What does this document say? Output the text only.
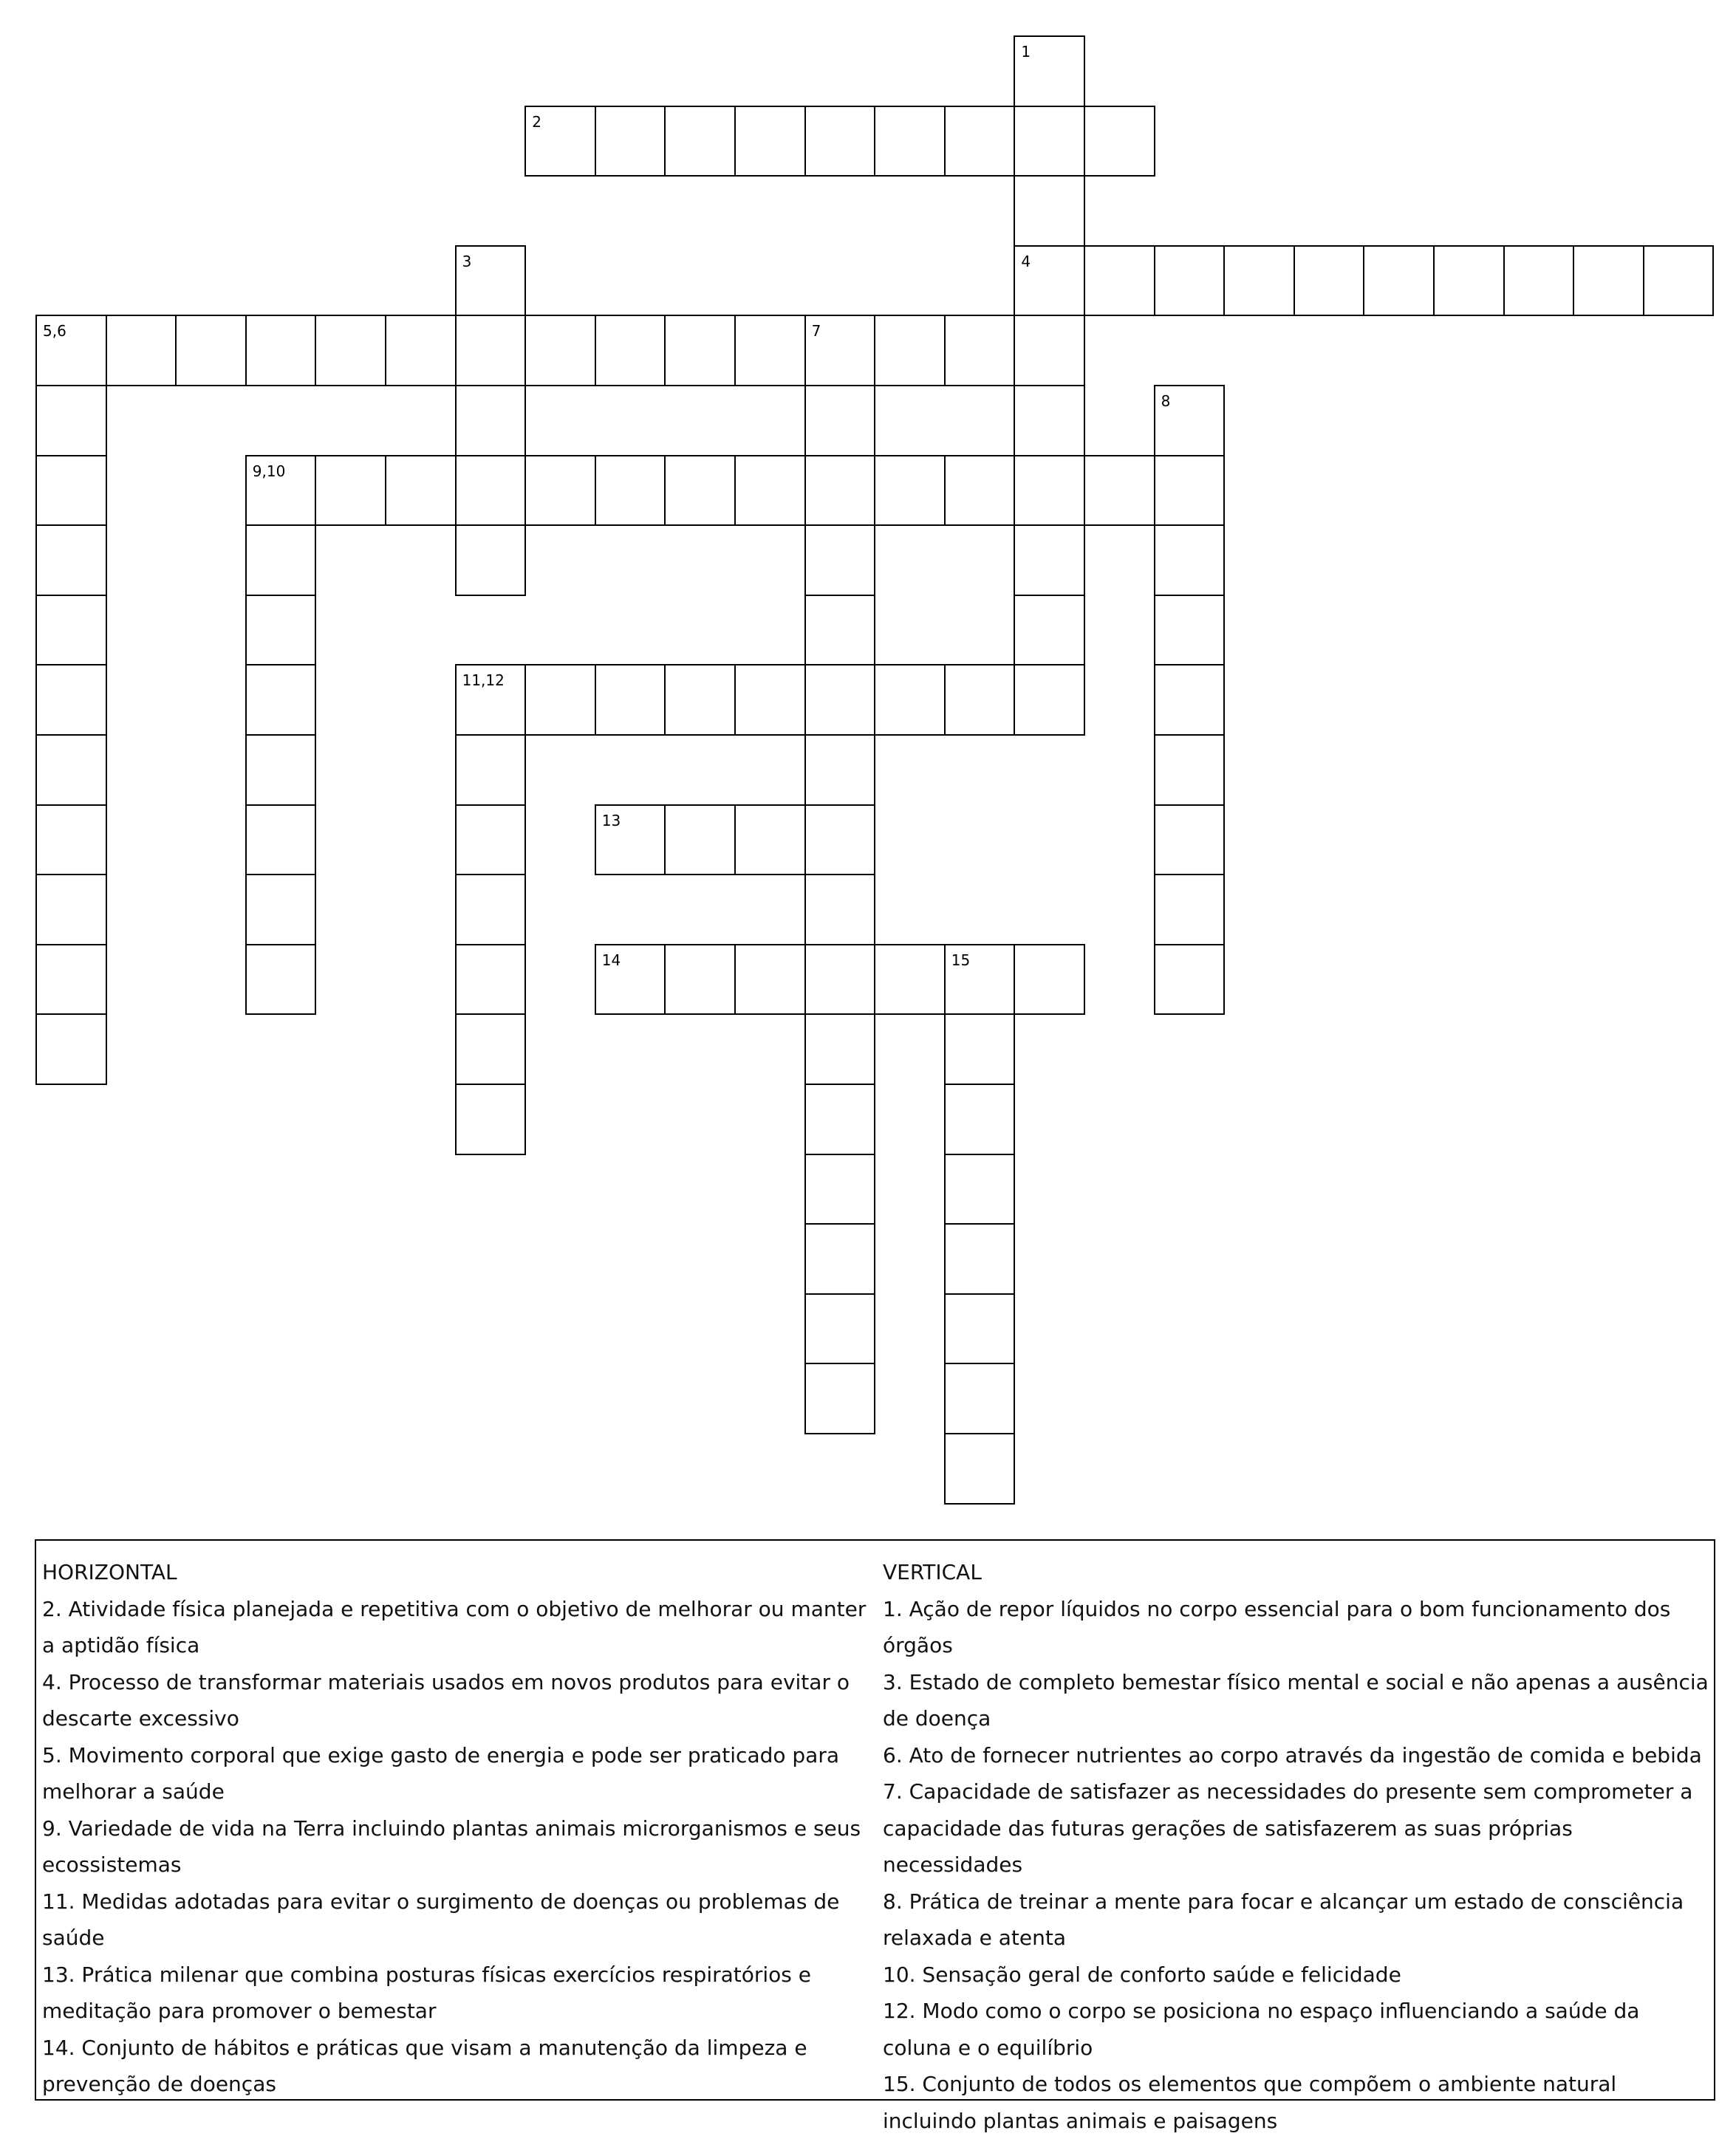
1
2
3	4
5,6	7
8
9,10
11,12
13
14	15

HORIZONTAL

2. Atividade física planejada e repetitiva com o objetivo de melhorar ou manter a aptidão física

4. Processo de transformar materiais usados em novos produtos para evitar o descarte excessivo

5. Movimento corporal que exige gasto de energia e pode ser praticado para melhorar a saúde

9. Variedade de vida na Terra incluindo plantas animais microrganismos e seus ecossistemas

11. Medidas adotadas para evitar o surgimento de doenças ou problemas de saúde

13. Prática milenar que combina posturas físicas exercícios respiratórios e meditação para promover o bemestar

14. Conjunto de hábitos e práticas que visam a manutenção da limpeza e prevenção de doenças

VERTICAL

1. Ação de repor líquidos no corpo essencial para o bom funcionamento dos órgãos

3. Estado de completo bemestar físico mental e social e não apenas a ausência de doença

6. Ato de fornecer nutrientes ao corpo através da ingestão de comida e bebida

7. Capacidade de satisfazer as necessidades do presente sem comprometer a capacidade das futuras gerações de satisfazerem as suas próprias necessidades

8. Prática de treinar a mente para focar e alcançar um estado de consciência relaxada e atenta

10. Sensação geral de conforto saúde e felicidade

12. Modo como o corpo se posiciona no espaço influenciando a saúde da coluna e o equilíbrio

15. Conjunto de todos os elementos que compõem o ambiente natural incluindo plantas animais e paisagens
